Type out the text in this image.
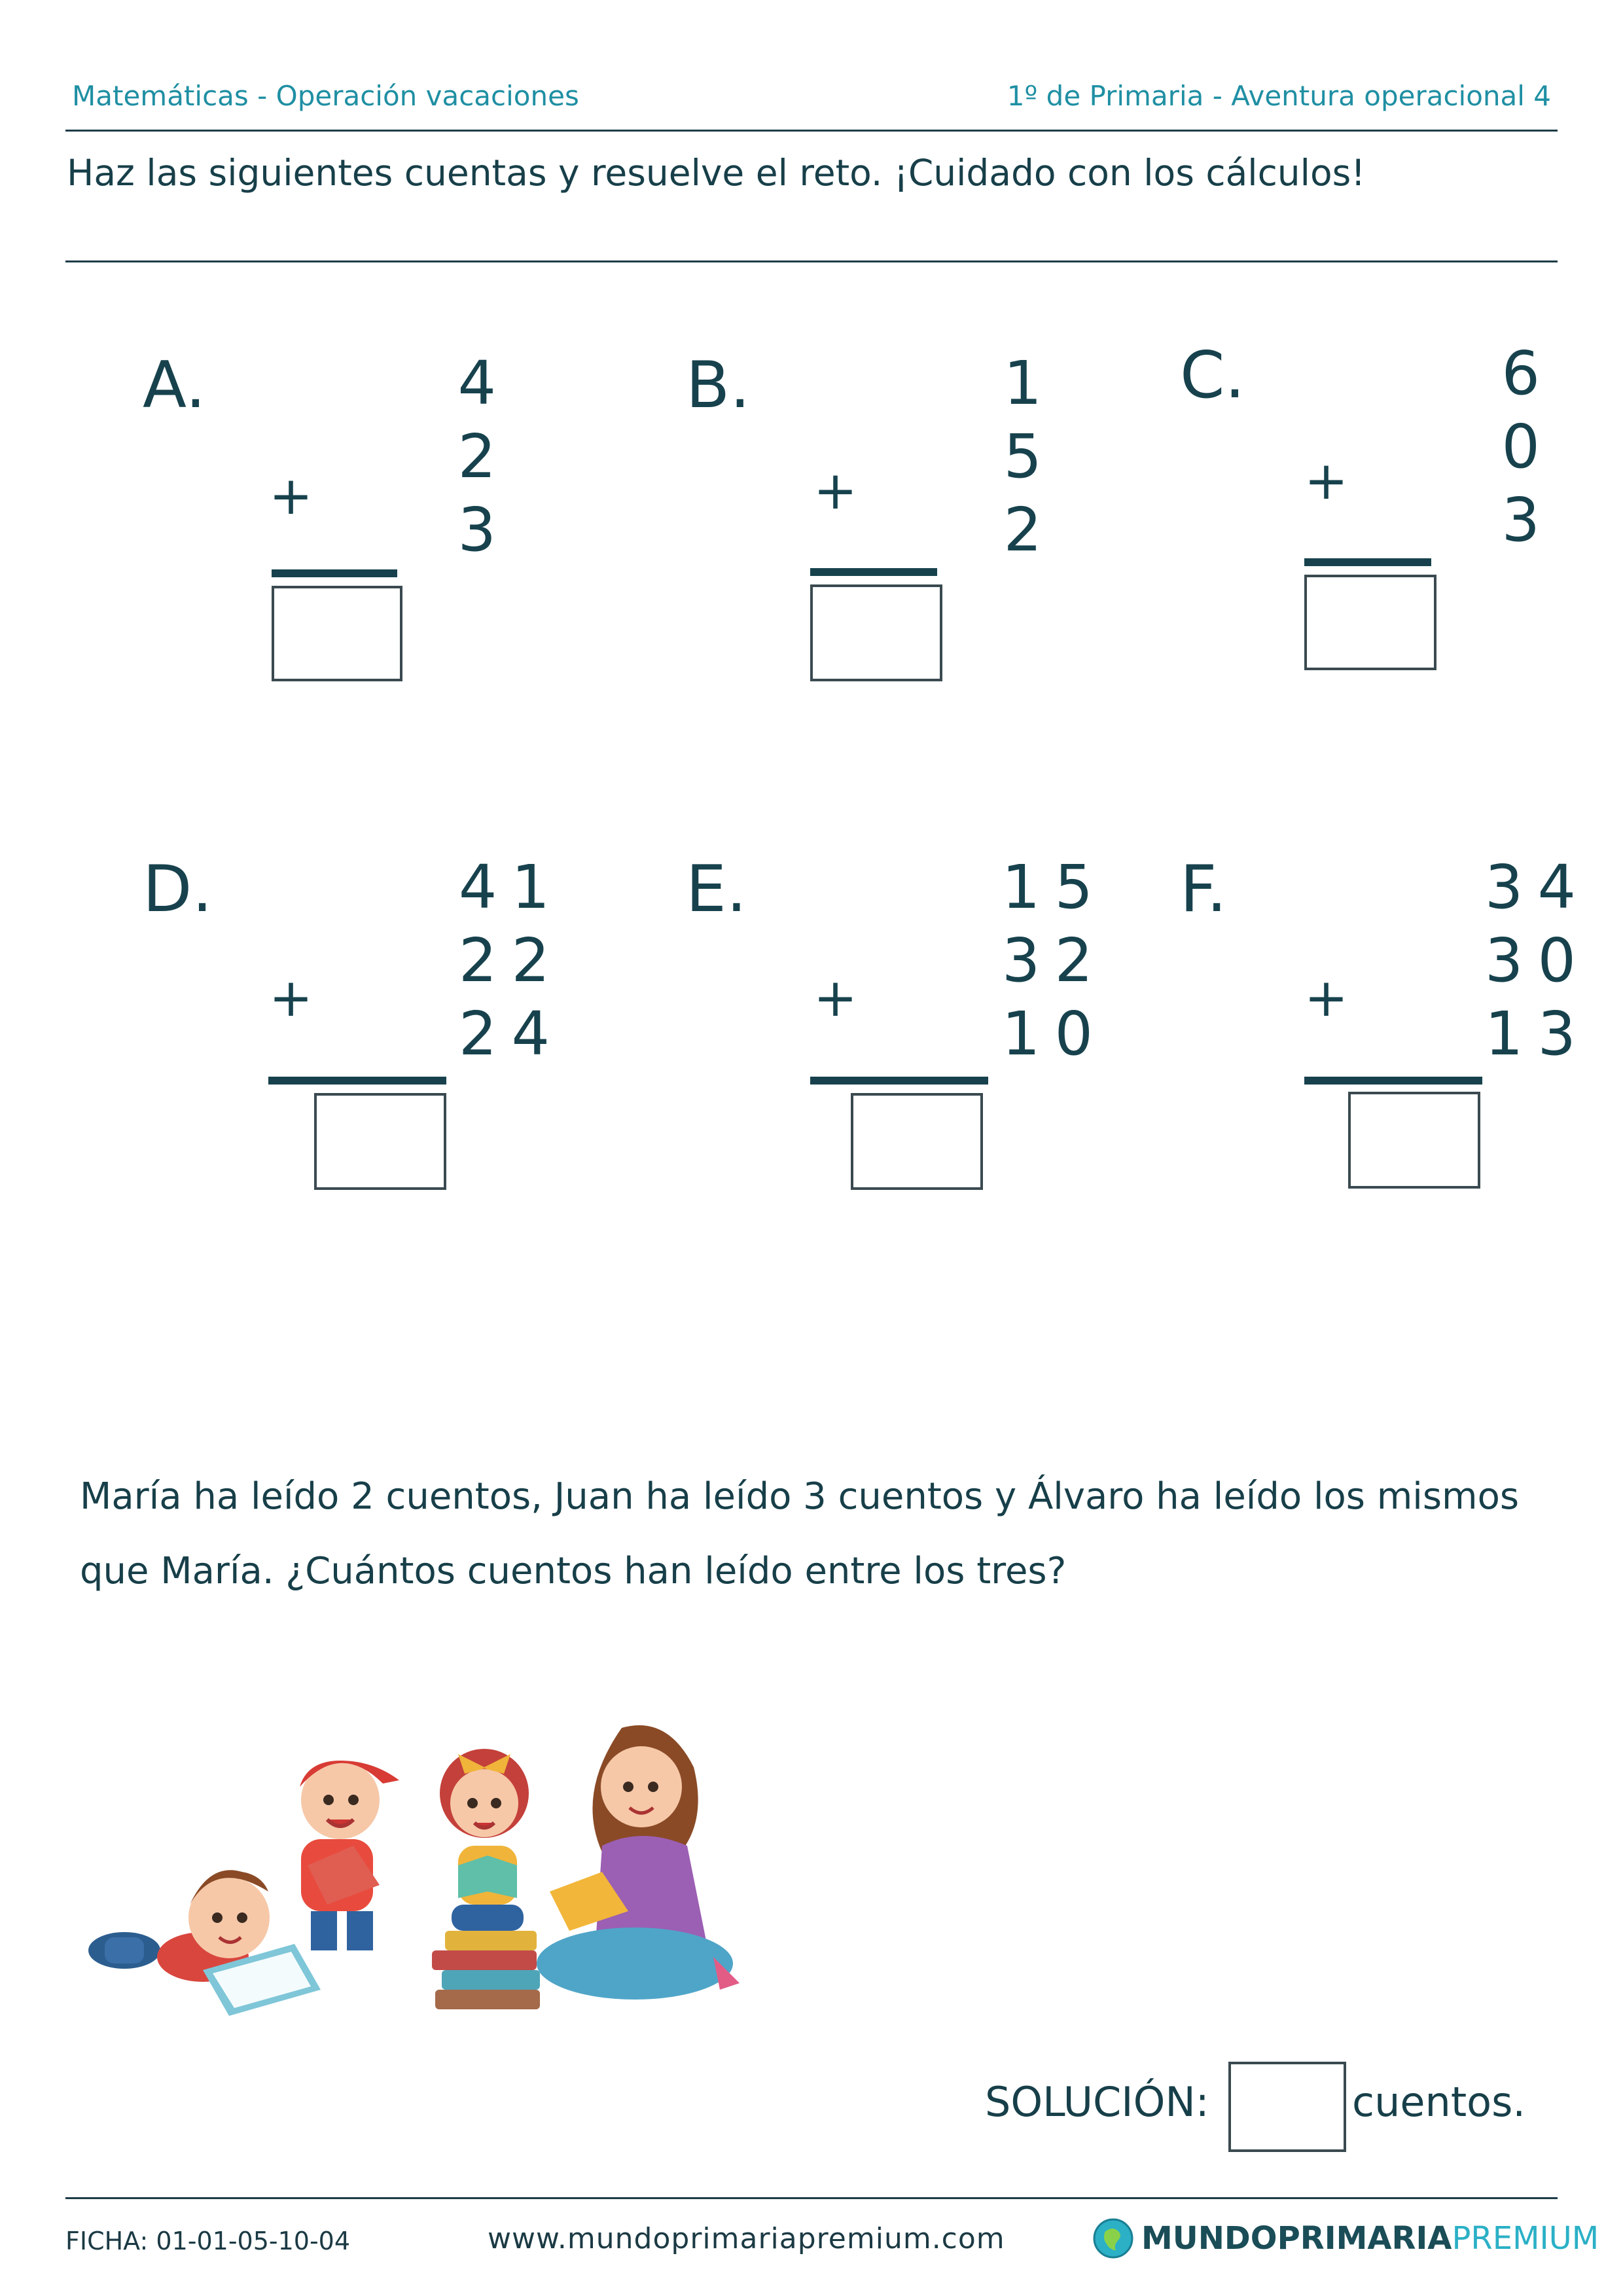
Matemáticas - Operación vacaciones	1º de Primaria - Aventura operacional 4
Haz las siguientes cuentas y resuelve el reto. ¡Cuidado con los cálculos!
A.	4
2
+ 3
B.	1
5
+
2
C.	6
0
+
3
D.	41
22
+
24
E.	15
32
+
10
F.	34
30
+
13
María ha leído 2 cuentos, Juan ha leído 3 cuentos y Álvaro ha leído los mismos
que María. ¿Cuántos cuentos han leído entre los tres?
SOLUCIÓN:	cuentos.
FICHA: 01-01-05-10-04	www.mundoprimariapremium.com	MUNDOPRIMARIAPREMIUM
